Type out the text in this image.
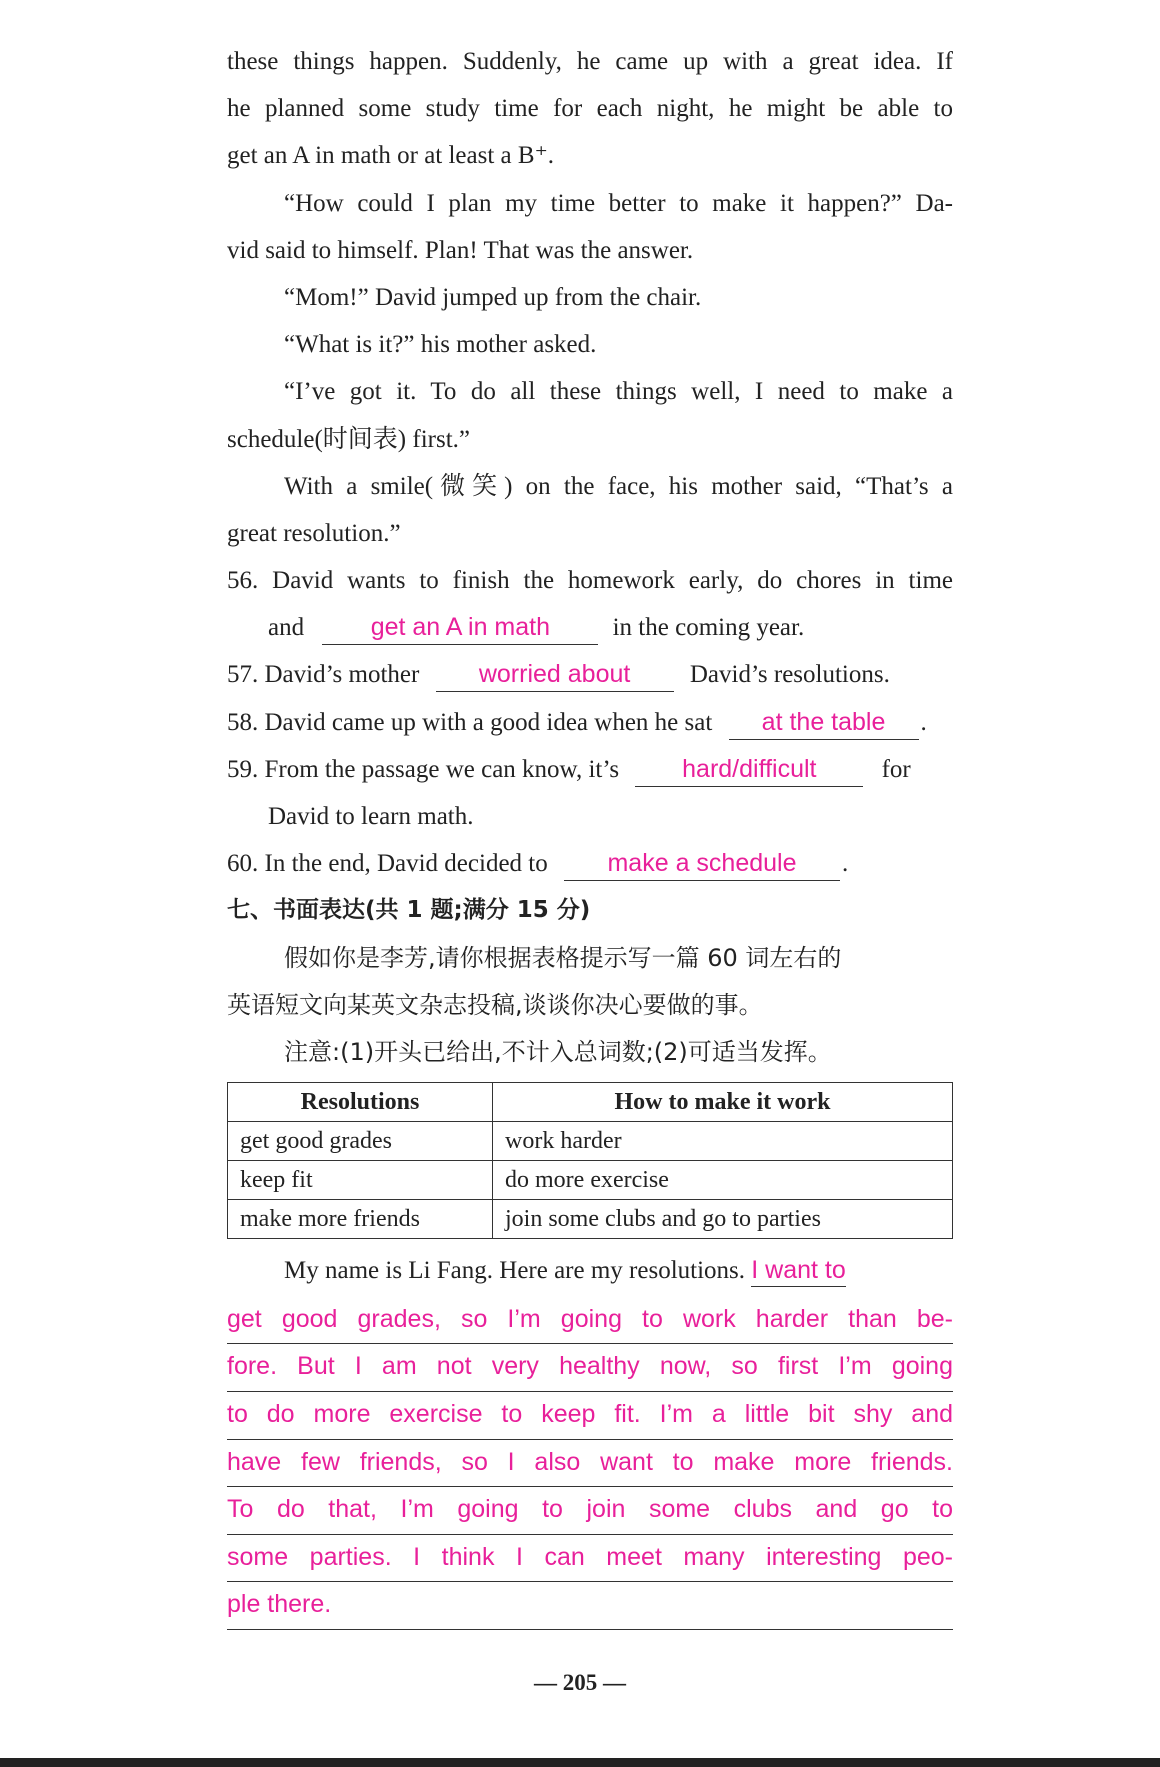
these things happen. Suddenly, he came up with a great idea. If
he planned some study time for each night, he might be able to
get an A in math or at least a B⁺.
“How could I plan my time better to make it happen?” Da-
vid said to himself. Plan! That was the answer.
“Mom!” David jumped up from the chair.
“What is it?” his mother asked.
“I’ve got it. To do all these things well, I need to make a
schedule(时间表) first.”
With a smile(微笑) on the face, his mother said, “That’s a
great resolution.”
56. David wants to finish the homework early, do chores in time
and	get an A in math	in the coming year.
57. David’s mother worried about David’s resolutions.
58. David came up with a good idea when he sat at the table .
59. From the passage we can know, it’s	hard/difficult	for
David to learn math.
60. In the end, David decided to make a schedule .
七、书面表达(共 1 题;满分 15 分)
假如你是李芳,请你根据表格提示写一篇 60 词左右的
英语短文向某英文杂志投稿,谈谈你决心要做的事。
注意:(1)开头已给出,不计入总词数;(2)可适当发挥。
Resolutions	How to make it work
get good grades	work harder
keep fit	do more exercise
make more friends	join some clubs and go to parties
My name is Li Fang. Here are my resolutions. I want to
get good grades, so I’m going to work harder than be-
fore. But I am not very healthy now, so first I’m going
to do more exercise to keep fit. I’m a little bit shy and
have few friends, so I also want to make more friends.
To do that, I’m going to join some clubs and go to
some parties. I think I can meet many interesting peo-
ple there.
— 205 —
